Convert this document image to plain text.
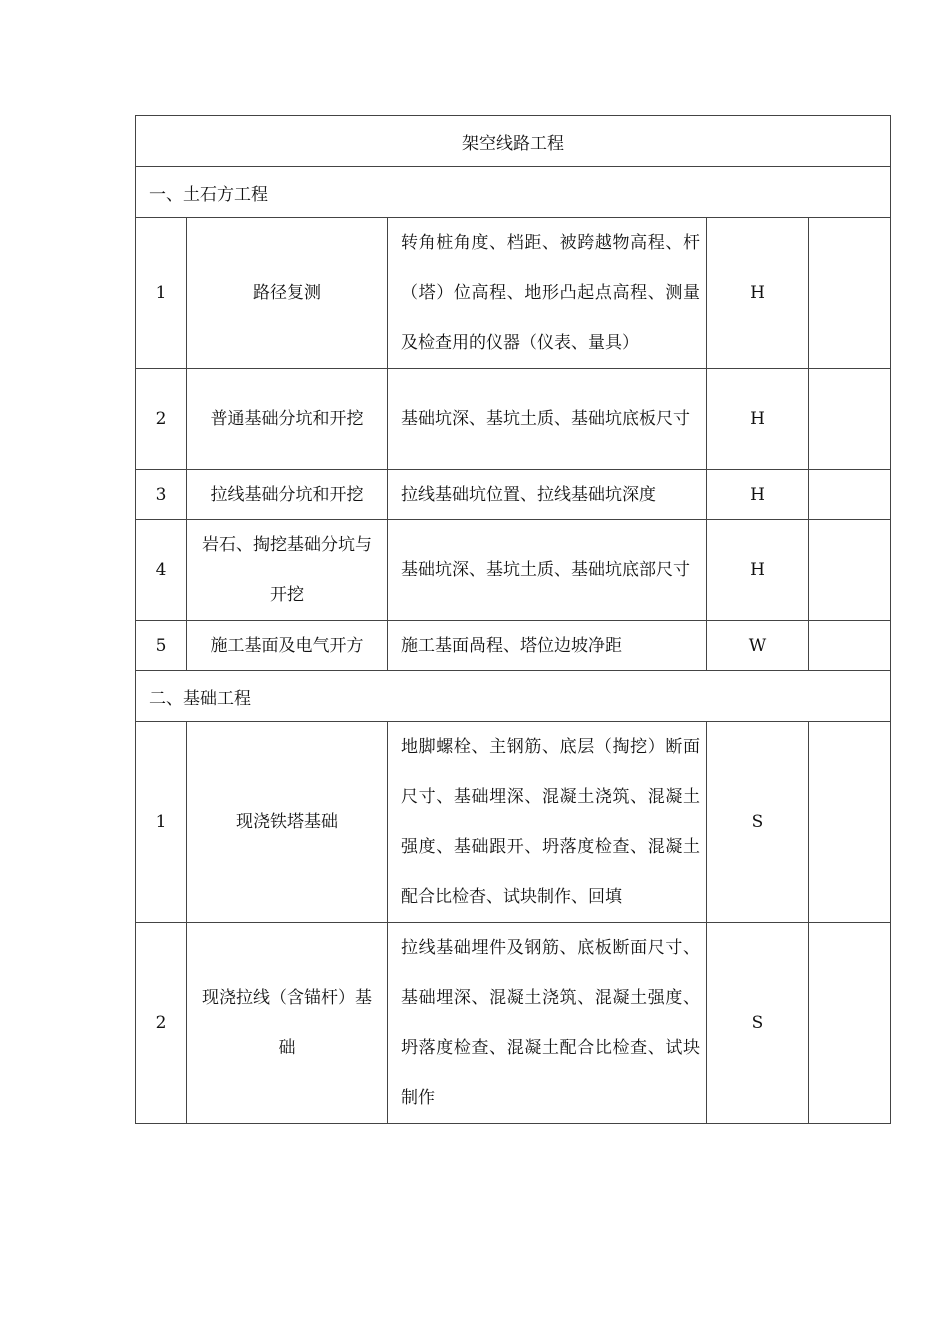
架空线路工程				
一、土石方工程				
1	路径复测	转角桩角度、档距、被跨越物高程、杆（塔）位高程、地形凸起点高程、测量及检查用的仪器（仪表、量具）	H	
2	普通基础分坑和开挖	基础坑深、基坑土质、基础坑底板尺寸	H	
3	拉线基础分坑和开挖	拉线基础坑位置、拉线基础坑深度	H	
4	岩石、掏挖基础分坑与开挖	基础坑深、基坑土质、基础坑底部尺寸	H	
5	施工基面及电气开方	施工基面咼程、塔位边坡净距	W	
二、基础工程				
1	现浇铁塔基础	地脚螺栓、主钢筋、底层（掏挖）断面尺寸、基础埋深、混凝土浇筑、混凝土强度、基础跟开、坍落度检查、混凝土配合比检杳、试块制作、回填	S	
2	现浇拉线（含锚杆）基础	拉线基础埋件及钢筋、底板断面尺寸、基础埋深、混凝土浇筑、混凝土强度、坍落度检查、混凝土配合比检查、试块制作	S	
